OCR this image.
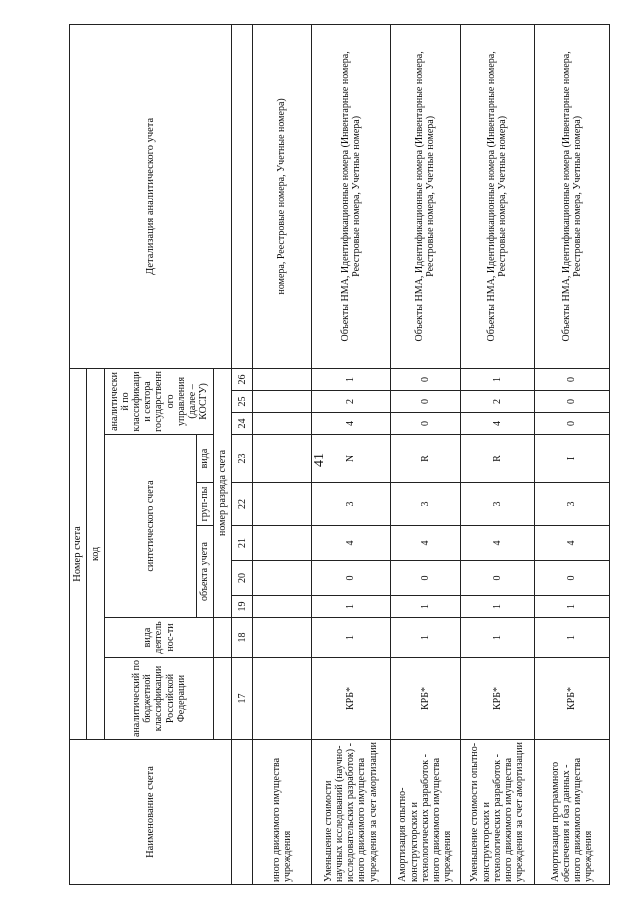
41
Наименование счета	Номер счета										Детализация аналитического учета
	код										
	аналитический по бюджетной классификации Российской Федерации	вида деятельнос-ти	синтетического счета					аналитический по классификации сектора государственного управления (далее – КОСГУ)			
			объекта учета			груп-пы	вида				
			номер разряда счета								
	17	18	19	20	21	22	23	24	25	26	
иного движимого имущества учреждения											номера, Реестровые номера, Учетные номера)
Уменьшение стоимости научных исследований (научно-исследовательских разработок) - иного движимого имущества учреждения за счет амортизации	КРБ*	1	1	0	4	3	N	4	2	1	Объекты НМА, Идентификационные номера (Инвентарные номера, Реестровые номера, Учетные номера)
Амортизация опытно-конструкторских и технологических разработок - иного движимого имущества учреждения	КРБ*	1	1	0	4	3	R	0	0	0	Объекты НМА, Идентификационные номера (Инвентарные номера, Реестровые номера, Учетные номера)
Уменьшение стоимости опытно-конструкторских и технологических разработок - иного движимого имущества учреждения за счет амортизации	КРБ*	1	1	0	4	3	R	4	2	1	Объекты НМА, Идентификационные номера (Инвентарные номера, Реестровые номера, Учетные номера)
Амортизация программного обеспечения и баз данных - иного движимого имущества учреждения	КРБ*	1	1	0	4	3	I	0	0	0	Объекты НМА, Идентификационные номера (Инвентарные номера, Реестровые номера, Учетные номера)
